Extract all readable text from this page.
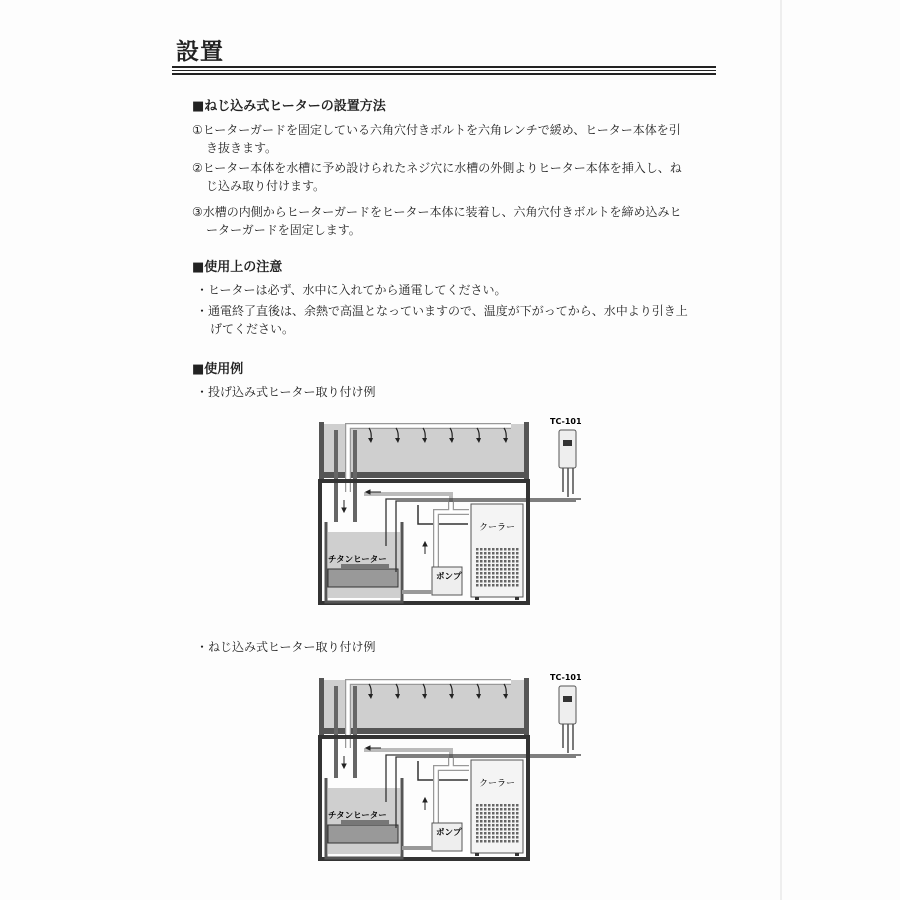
設置
■ねじ込み式ヒーターの設置方法
①ヒーターガードを固定している六角穴付きボルトを六角レンチで緩め、ヒーター本体を引
き抜きます。
②ヒーター本体を水槽に予め設けられたネジ穴に水槽の外側よりヒーター本体を挿入し、ね
じ込み取り付けます。
③水槽の内側からヒーターガードをヒーター本体に装着し、六角穴付きボルトを締め込みヒ
ーターガードを固定します。
■使用上の注意
・ヒーターは必ず、水中に入れてから通電してください。
・通電終了直後は、余熱で高温となっていますので、温度が下がってから、水中より引き上
げてください。
■使用例
・投げ込み式ヒーター取り付け例
・ねじ込み式ヒーター取り付け例
TC-101
クーラー
チタンヒーター
ポンプ
TC-101
クーラー
チタンヒーター
ポンプ
